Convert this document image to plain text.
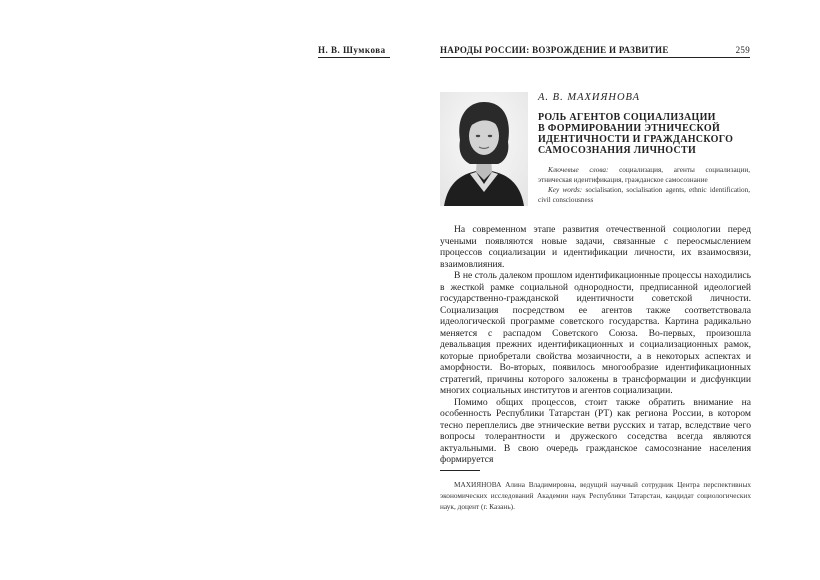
Н. В. Шумкова	НАРОДЫ РОССИИ: ВОЗРОЖДЕНИЕ И РАЗВИТИЕ	259
А. В. МАХИЯНОВА
РОЛЬ АГЕНТОВ СОЦИАЛИЗАЦИИ
В ФОРМИРОВАНИИ ЭТНИЧЕСКОЙ
ИДЕНТИЧНОСТИ И ГРАЖДАНСКОГО
САМОСОЗНАНИЯ ЛИЧНОСТИ

Ключевые слова: социализация, агенты социализации, этническая идентификация, гражданское самосознание

Key words: socialisation, socialisation agents, ethnic identification, civil consciousness

На современном этапе развития отечественной социологии перед учеными появляются новые задачи, связанные с переосмыслением процессов социализации и идентификации личности, их взаимосвязи, взаимовлияния.

В не столь далеком прошлом идентификационные процессы находились в жесткой рамке социальной однородности, предписанной идеологией государственно-гражданской идентичности советской личности. Социализация посредством ее агентов также соответствовала идеологической программе советского государства. Картина радикально меняется с распадом Советского Союза. Во-первых, произошла девальвация прежних идентификационных и социализационных рамок, которые приобретали свойства мозаичности, а в некоторых аспектах и аморфности. Во-вторых, появилось многообразие идентификационных стратегий, причины которого заложены в трансформации и дисфункции многих социальных институтов и агентов социализации.

Помимо общих процессов, стоит также обратить внимание на особенность Республики Татарстан (РТ) как региона России, в котором тесно переплелись две этнические ветви русских и татар, вследствие чего вопросы толерантности и дружеского соседства всегда являются актуальными. В свою очередь гражданское самосознание населения формируется

МАХИЯНОВА Алина Владимировна, ведущий научный сотрудник Центра перспективных экономических исследований Академии наук Республики Татарстан, кандидат социологических наук, доцент (г. Казань).
